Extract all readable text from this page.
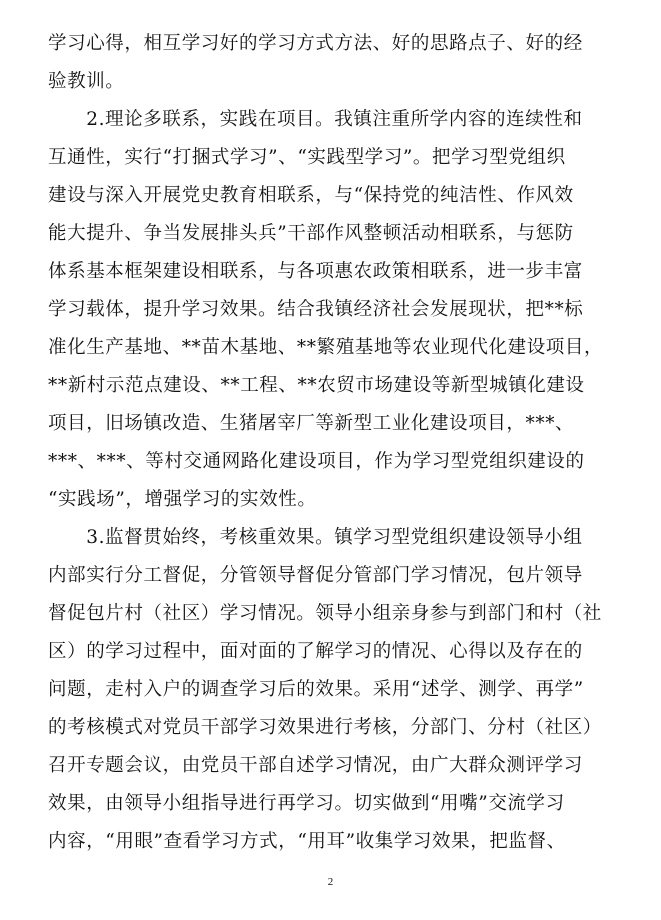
学习心得，相互学习好的学习方式方法、好的思路点子、好的经
验教训。
　　2.理论多联系，实践在项目。我镇注重所学内容的连续性和
互通性，实行“打捆式学习”、“实践型学习”。把学习型党组织
建设与深入开展党史教育相联系，与“保持党的纯洁性、作风效
能大提升、争当发展排头兵”干部作风整顿活动相联系，与惩防
体系基本框架建设相联系，与各项惠农政策相联系，进一步丰富
学习载体，提升学习效果。结合我镇经济社会发展现状，把**标
准化生产基地、**苗木基地、**繁殖基地等农业现代化建设项目，
**新村示范点建设、**工程、**农贸市场建设等新型城镇化建设
项目，旧场镇改造、生猪屠宰厂等新型工业化建设项目，***、
***、***、等村交通网路化建设项目，作为学习型党组织建设的
“实践场”，增强学习的实效性。
　　3.监督贯始终，考核重效果。镇学习型党组织建设领导小组
内部实行分工督促，分管领导督促分管部门学习情况，包片领导
督促包片村（社区）学习情况。领导小组亲身参与到部门和村（社
区）的学习过程中，面对面的了解学习的情况、心得以及存在的
问题，走村入户的调查学习后的效果。采用“述学、测学、再学”
的考核模式对党员干部学习效果进行考核，分部门、分村（社区）
召开专题会议，由党员干部自述学习情况，由广大群众测评学习
效果，由领导小组指导进行再学习。切实做到“用嘴”交流学习
内容，“用眼”查看学习方式，“用耳”收集学习效果，把监督、
2
